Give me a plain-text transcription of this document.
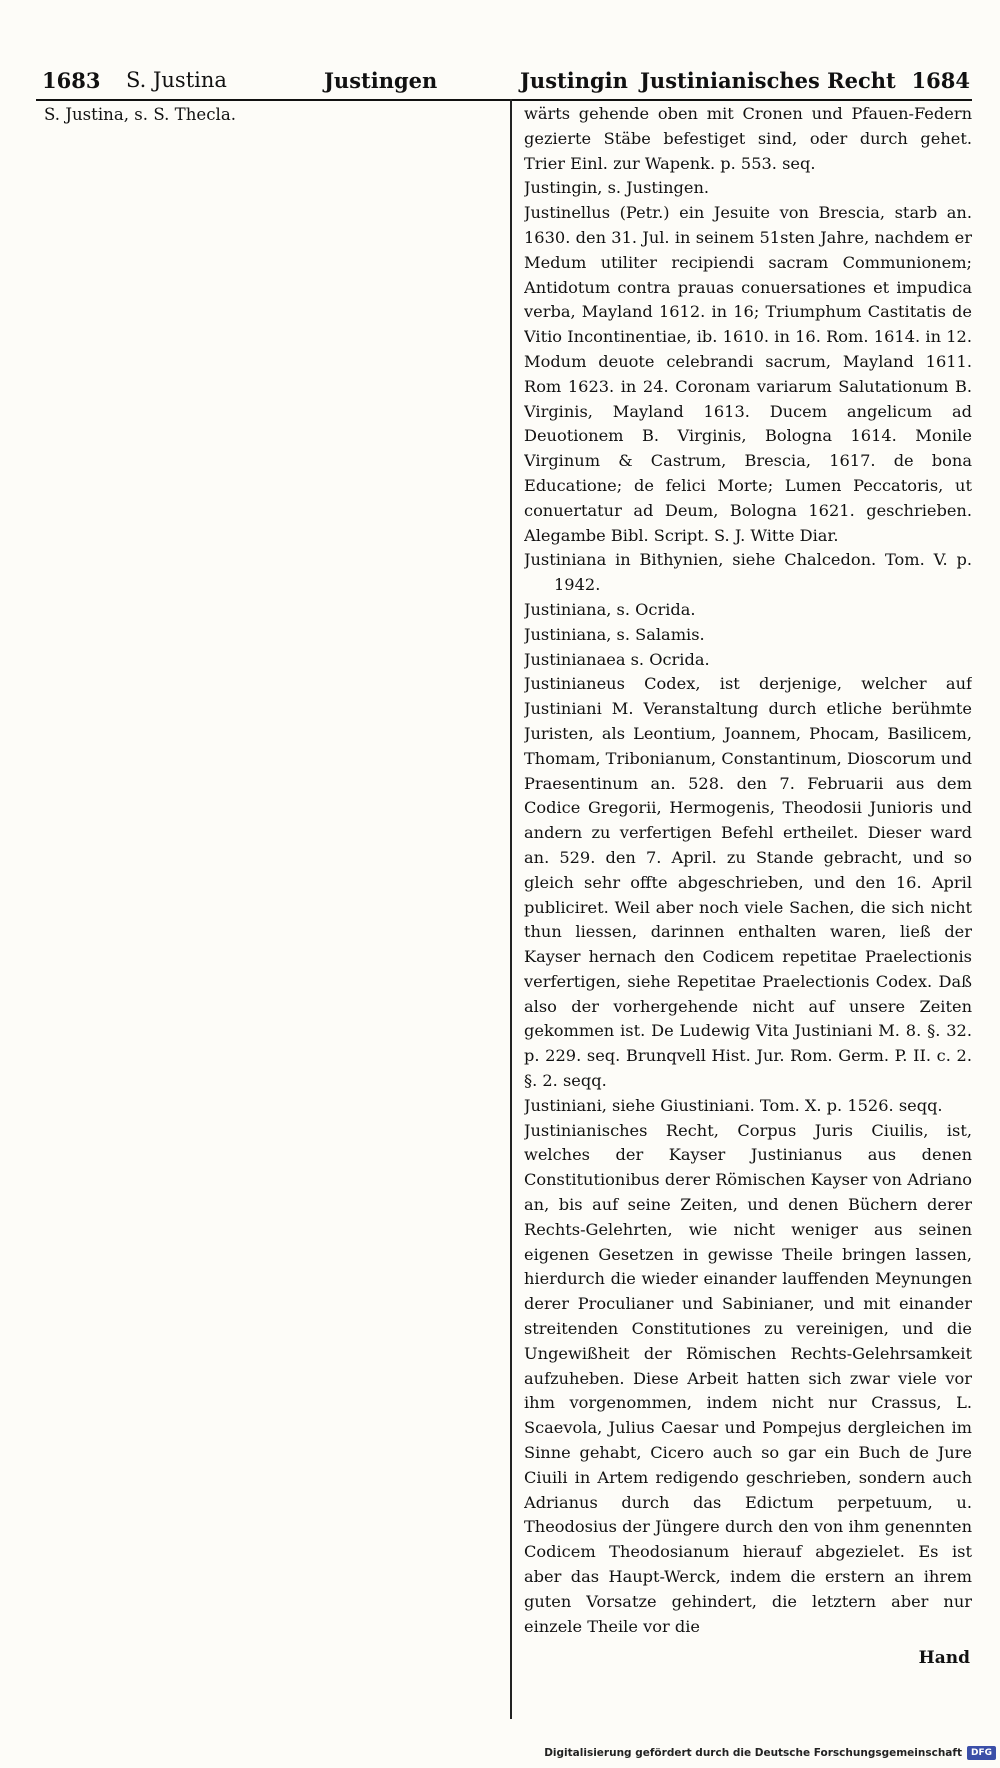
1683 S. Justina	Justingen	Justingin Justinianisches Recht 1684

S. Justina, s. S. Thecla.	wärts gehende oben mit Cronen und Pfauen-Federn gezierte Stäbe befestiget sind, oder durch gehet. Trier Einl. zur Wapenk. p. 553. seq.

Justingin, s. Justingen.

Justinellus (Petr.) ein Jesuite von Brescia, starb an. 1630. den 31. Jul. in seinem 51sten Jahre, nachdem er Medum utiliter recipiendi sacram Communionem; Antidotum contra prauas conuersationes et impudica verba, Mayland 1612. in 16; Triumphum Castitatis de Vitio Incontinentiae, ib. 1610. in 16. Rom. 1614. in 12. Modum deuote celebrandi sacrum, Mayland 1611. Rom 1623. in 24. Coronam variarum Salutationum B. Virginis, Mayland 1613. Ducem angelicum ad Deuotionem B. Virginis, Bologna 1614. Monile Virginum & Castrum, Brescia, 1617. de bona Educatione; de felici Morte; Lumen Peccatoris, ut conuertatur ad Deum, Bologna 1621. geschrieben. Alegambe Bibl. Script. S. J. Witte Diar.

Justiniana in Bithynien, siehe Chalcedon. Tom. V. p. 1942.

Justiniana, s. Ocrida.

Justiniana, s. Salamis.

Justinianaea s. Ocrida.

Justinianeus Codex, ist derjenige, welcher auf Justiniani M. Veranstaltung durch etliche berühmte Juristen, als Leontium, Joannem, Phocam, Basilicem, Thomam, Tribonianum, Constantinum, Dioscorum und Praesentinum an. 528. den 7. Februarii aus dem Codice Gregorii, Hermogenis, Theodosii Junioris und andern zu verfertigen Befehl ertheilet. Dieser ward an. 529. den 7. April. zu Stande gebracht, und so gleich sehr offte abgeschrieben, und den 16. April publiciret. Weil aber noch viele Sachen, die sich nicht thun liessen, darinnen enthalten waren, ließ der Kayser hernach den Codicem repetitae Praelectionis verfertigen, siehe Repetitae Praelectionis Codex. Daß also der vorhergehende nicht auf unsere Zeiten gekommen ist. De Ludewig Vita Justiniani M. 8. §. 32. p. 229. seq. Brunqvell Hist. Jur. Rom. Germ. P. II. c. 2. §. 2. seqq.

Justiniani, siehe Giustiniani. Tom. X. p. 1526. seqq.

Justinianisches Recht, Corpus Juris Ciuilis, ist, welches der Kayser Justinianus aus denen Constitutionibus derer Römischen Kayser von Adriano an, bis auf seine Zeiten, und denen Büchern derer Rechts-Gelehrten, wie nicht weniger aus seinen eigenen Gesetzen in gewisse Theile bringen lassen, hierdurch die wieder einander lauffenden Meynungen derer Proculianer und Sabinianer, und mit einander streitenden Constitutiones zu vereinigen, und die Ungewißheit der Römischen Rechts-Gelehrsamkeit aufzuheben. Diese Arbeit hatten sich zwar viele vor ihm vorgenommen, indem nicht nur Crassus, L. Scaevola, Julius Caesar und Pompejus dergleichen im Sinne gehabt, Cicero auch so gar ein Buch de Jure Ciuili in Artem redigendo geschrieben, sondern auch Adrianus durch das Edictum perpetuum, u. Theodosius der Jüngere durch den von ihm genennten Codicem Theodosianum hierauf abgezielet. Es ist aber das Haupt-Werck, indem die erstern an ihrem guten Vorsatze gehindert, die letztern aber nur einzele Theile vor die

Hand
Digitalisierung gefördert durch die Deutsche Forschungsgemeinschaft DFG
